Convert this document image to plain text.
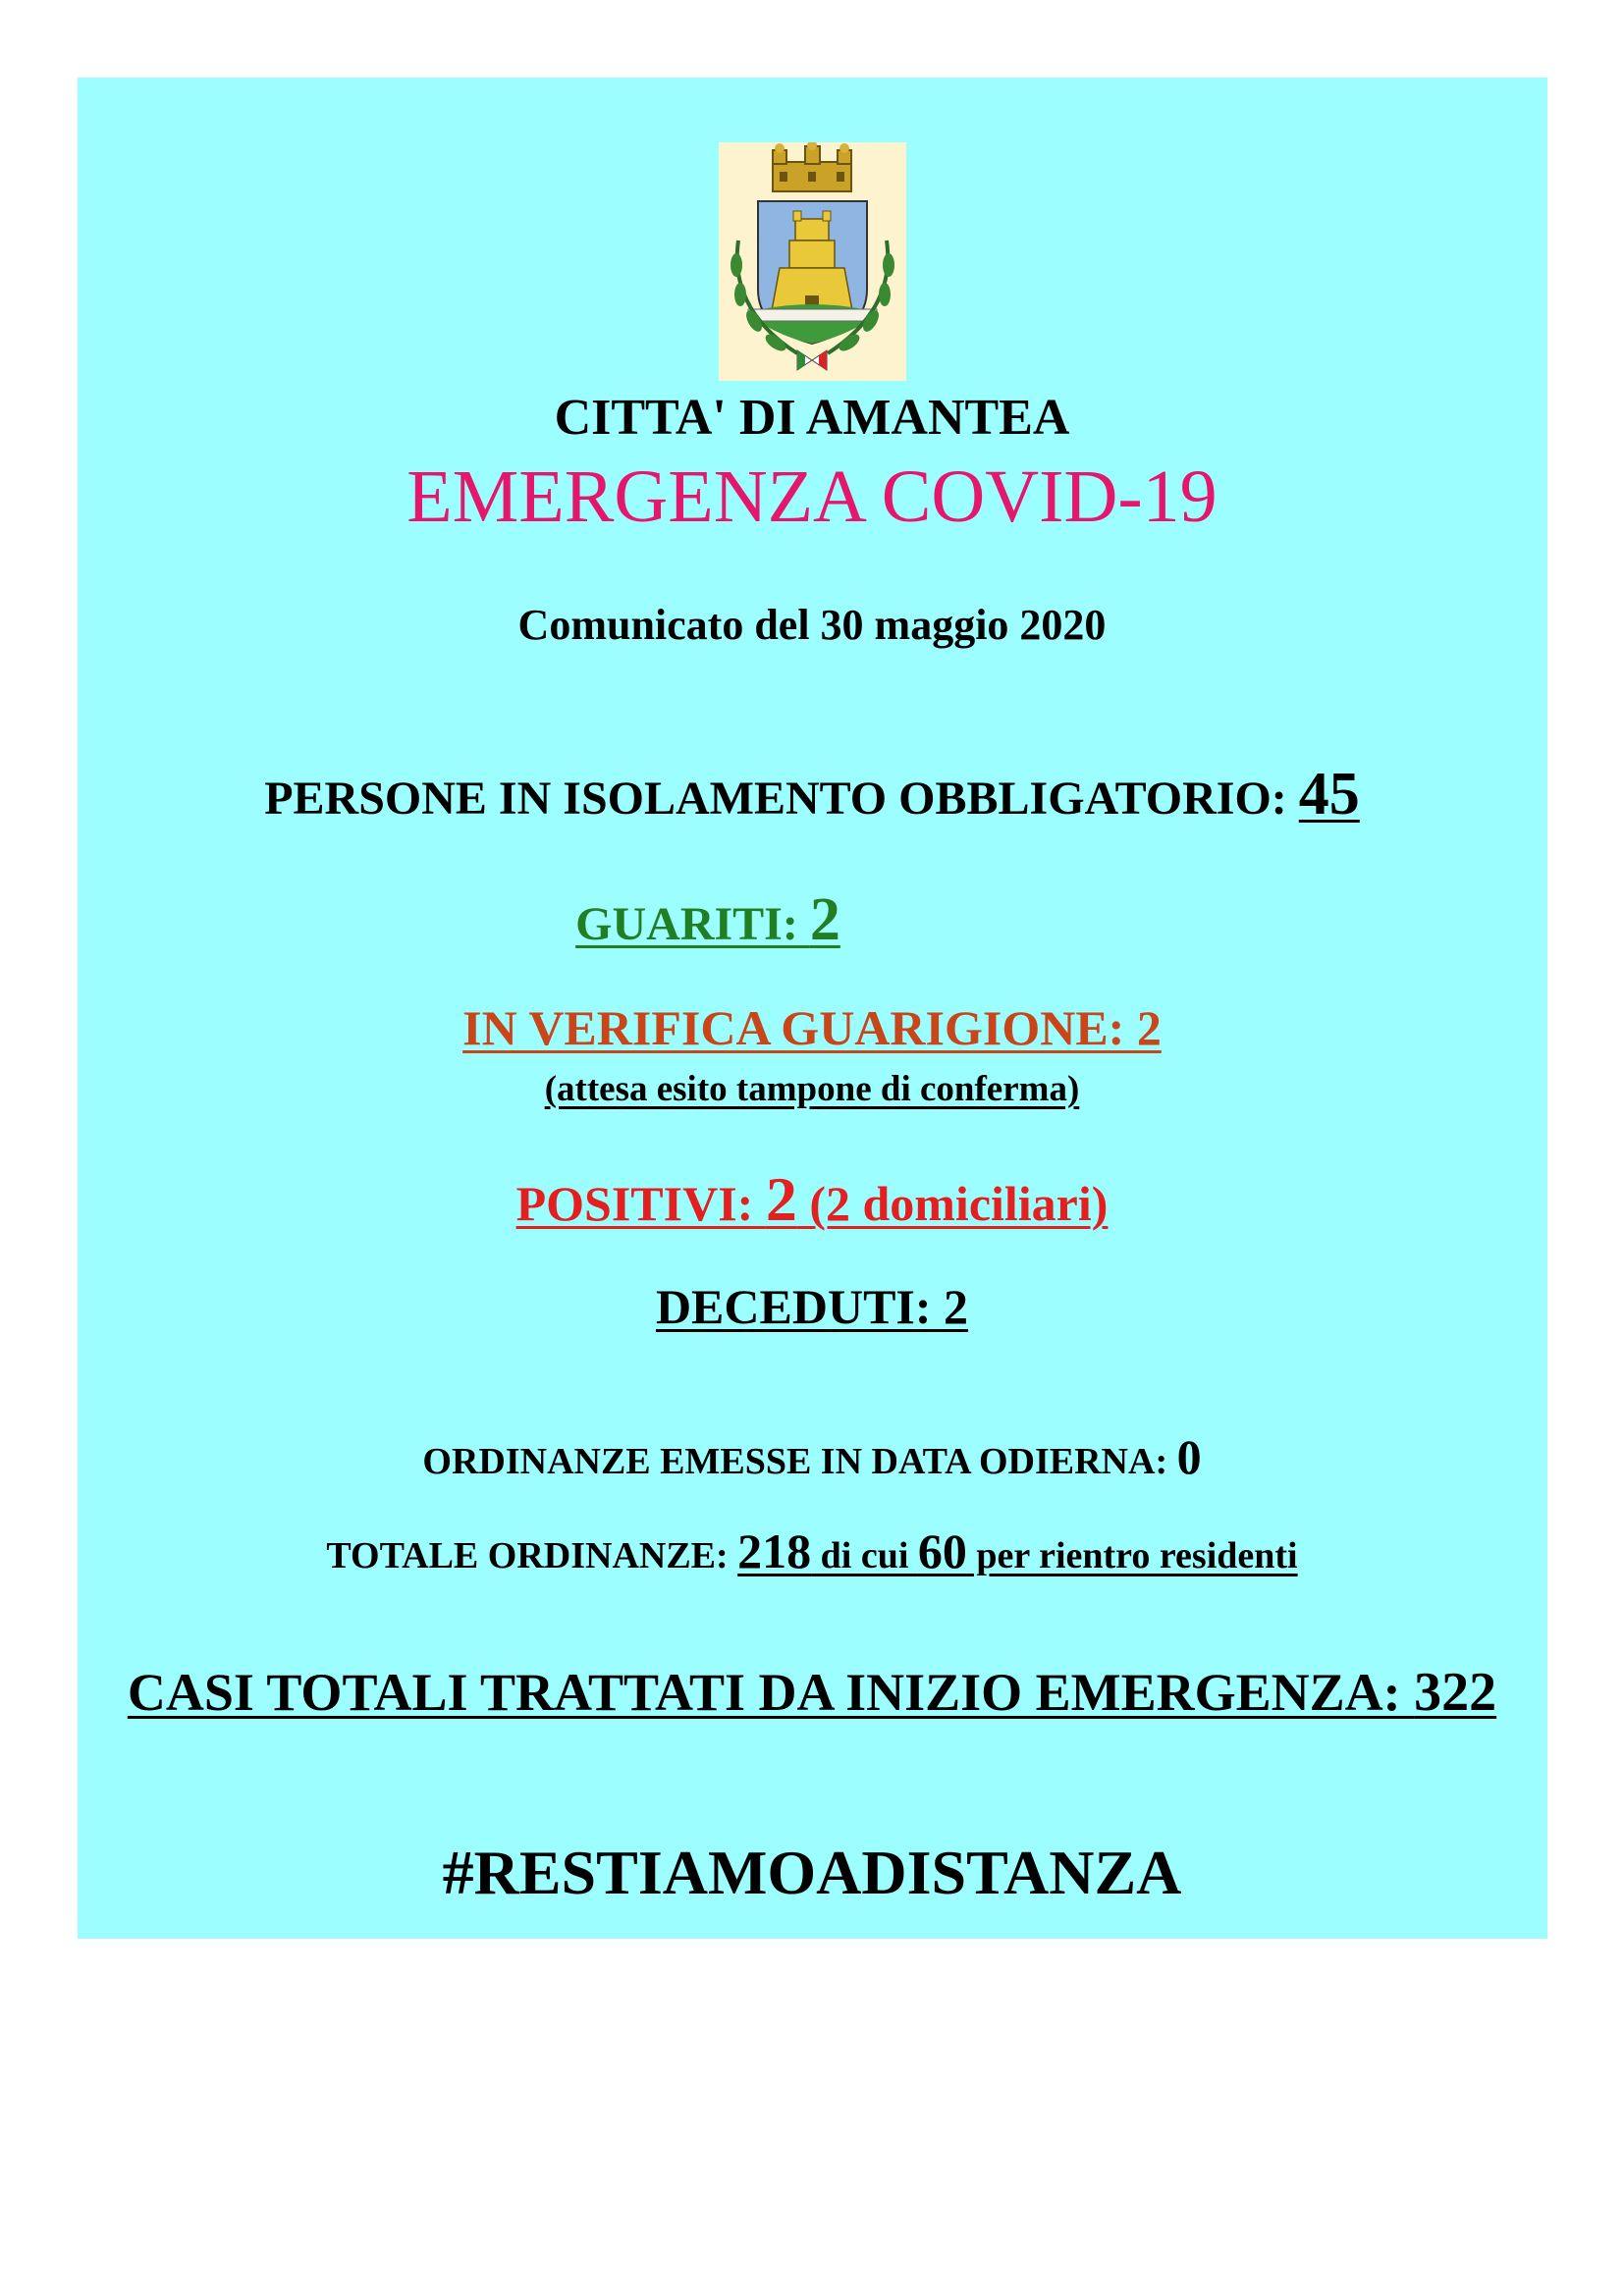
CITTA' DI AMANTEA
EMERGENZA COVID-19
Comunicato del 30 maggio 2020
PERSONE IN ISOLAMENTO OBBLIGATORIO: 45
GUARITI: 2
IN VERIFICA GUARIGIONE: 2
(attesa esito tampone di conferma)
POSITIVI: 2 (2 domiciliari)
DECEDUTI: 2
ORDINANZE EMESSE IN DATA ODIERNA: 0
TOTALE ORDINANZE: 218 di cui 60 per rientro residenti
CASI TOTALI TRATTATI DA INIZIO EMERGENZA: 322
#RESTIAMOADISTANZA
